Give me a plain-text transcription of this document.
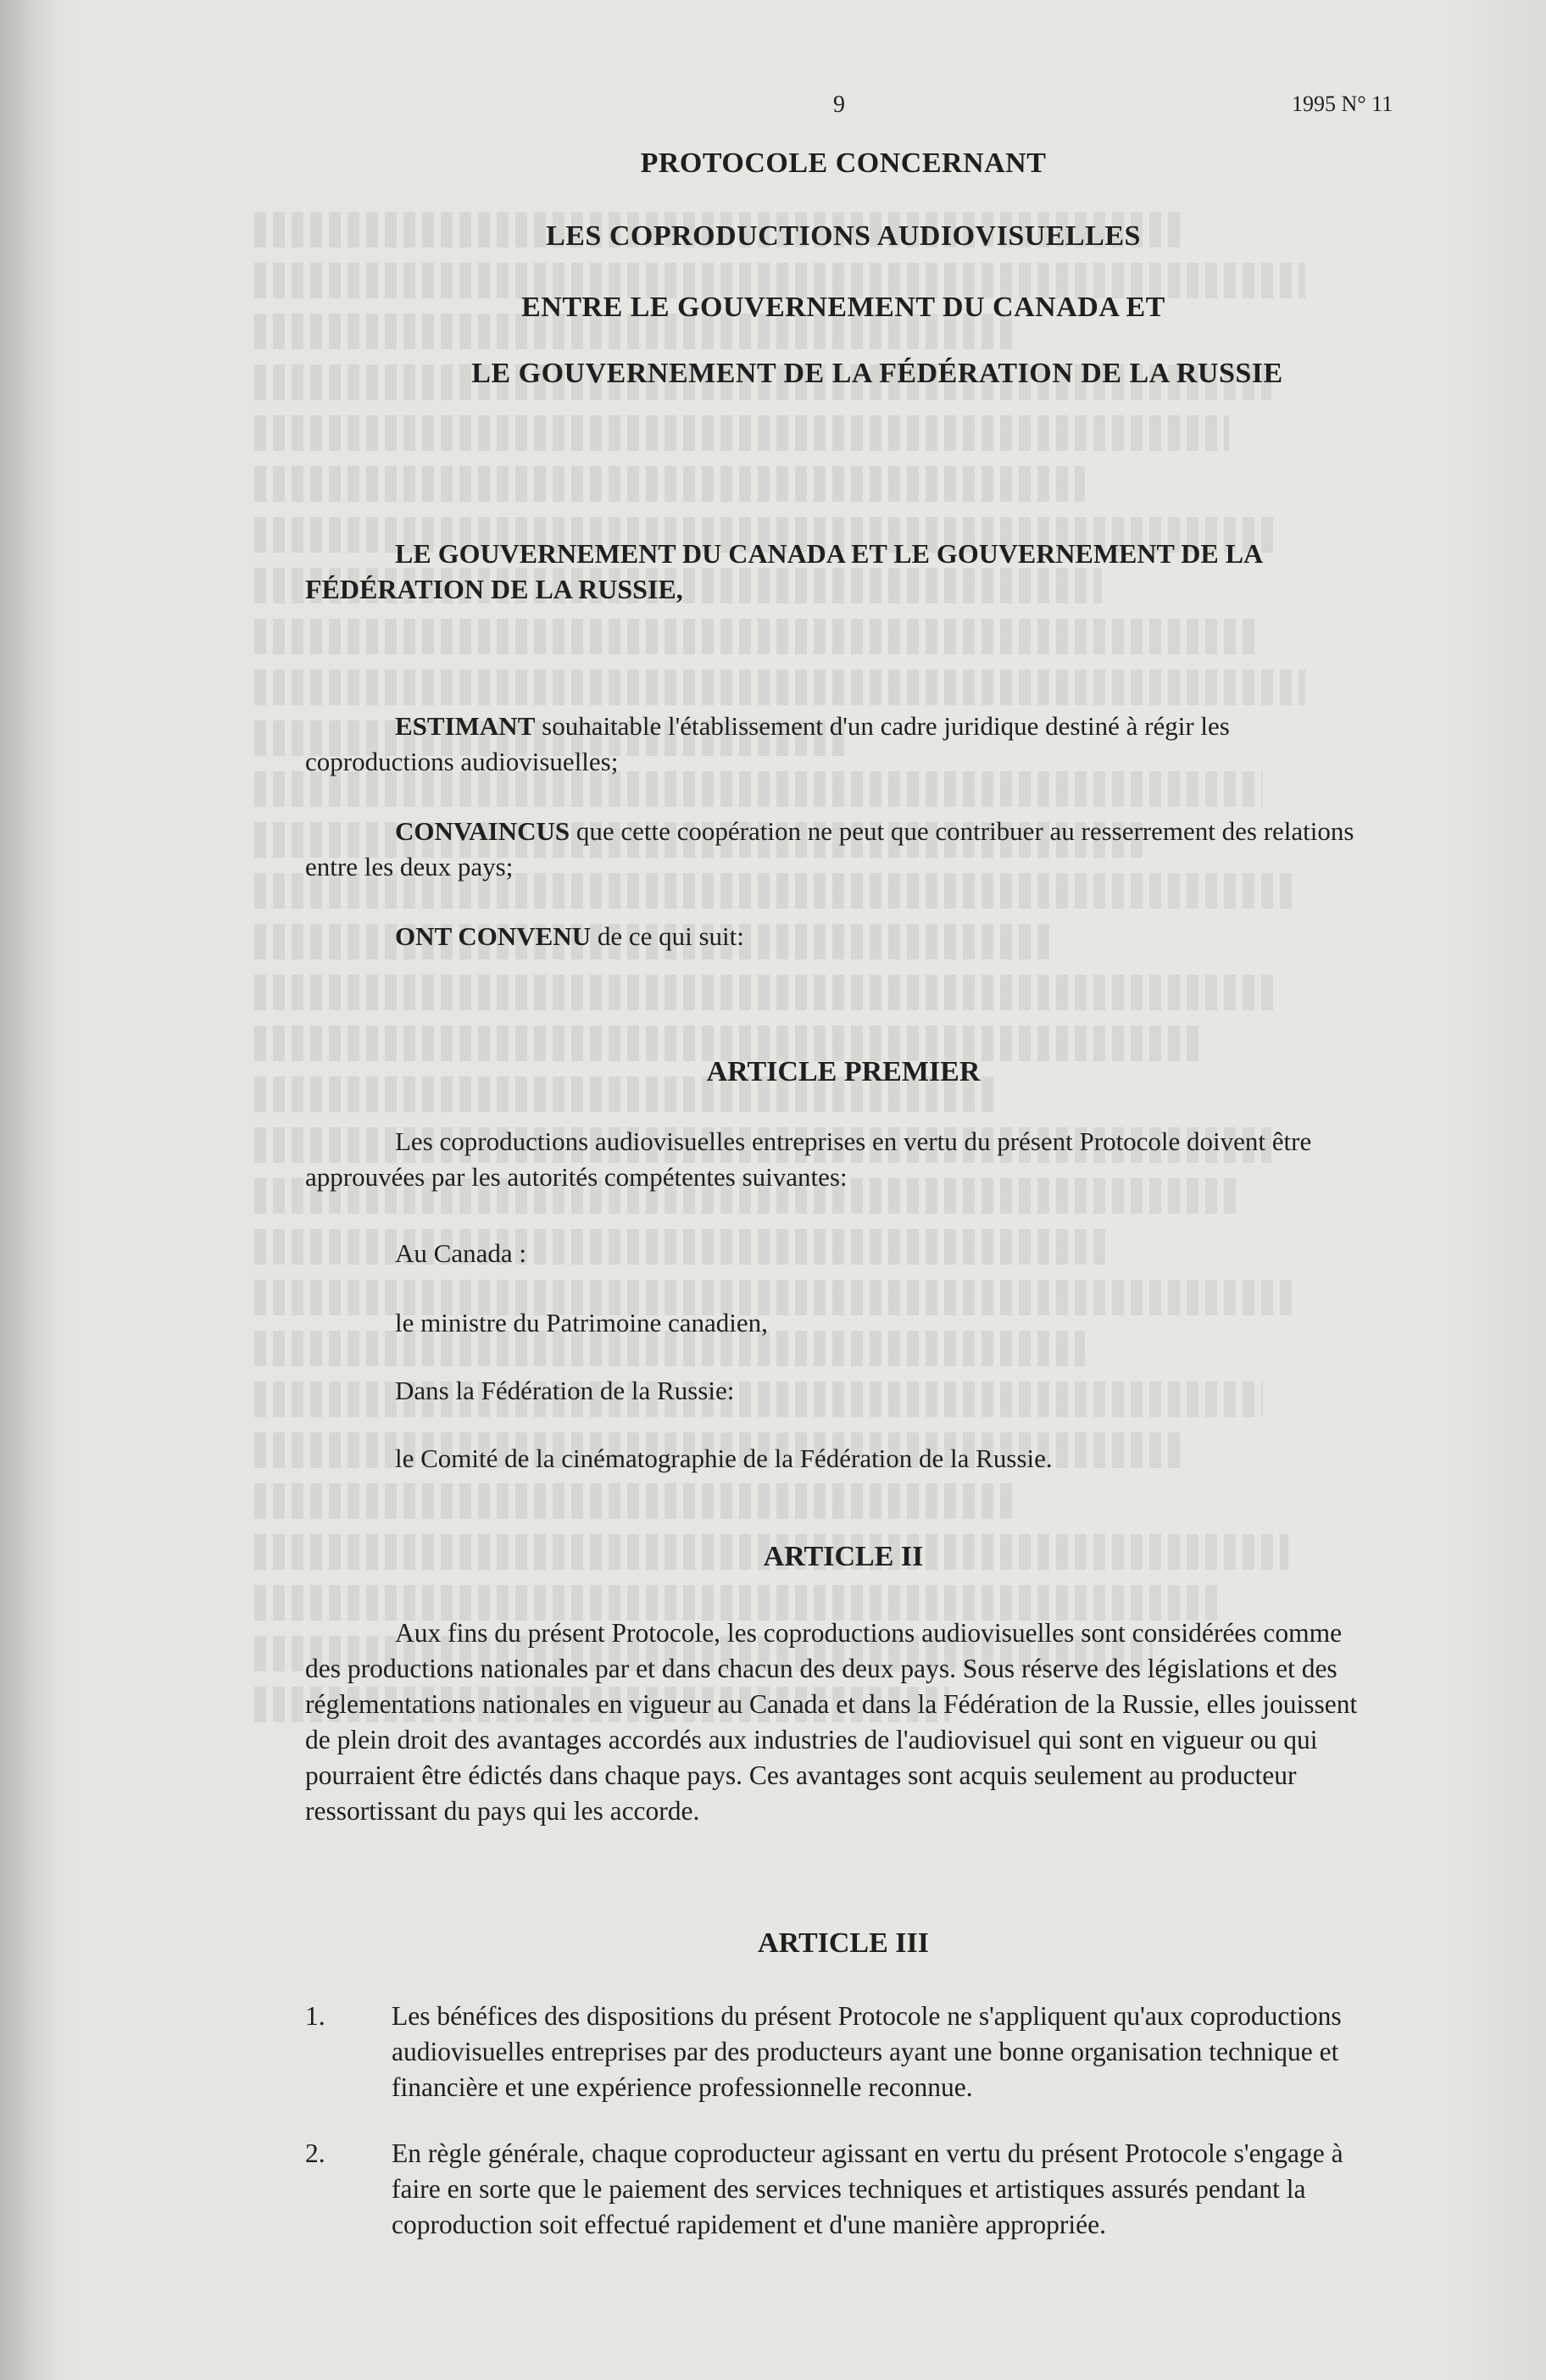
9	1995 N° 11
PROTOCOLE CONCERNANT
LES COPRODUCTIONS AUDIOVISUELLES
ENTRE LE GOUVERNEMENT DU CANADA ET
LE GOUVERNEMENT DE LA FÉDÉRATION DE LA RUSSIE
LE GOUVERNEMENT DU CANADA ET LE GOUVERNEMENT DE LA
FÉDÉRATION DE LA RUSSIE,
ESTIMANT souhaitable l'établissement d'un cadre juridique destiné à régir les coproductions audiovisuelles;
CONVAINCUS que cette coopération ne peut que contribuer au resserrement des relations entre les deux pays;
ONT CONVENU de ce qui suit:
ARTICLE PREMIER
Les coproductions audiovisuelles entreprises en vertu du présent Protocole doivent être approuvées par les autorités compétentes suivantes:
Au Canada :
le ministre du Patrimoine canadien,
Dans la Fédération de la Russie:
le Comité de la cinématographie de la Fédération de la Russie.
ARTICLE II
Aux fins du présent Protocole, les coproductions audiovisuelles sont considérées comme des productions nationales par et dans chacun des deux pays. Sous réserve des législations et des réglementations nationales en vigueur au Canada et dans la Fédération de la Russie, elles jouissent de plein droit des avantages accordés aux industries de l'audiovisuel qui sont en vigueur ou qui pourraient être édictés dans chaque pays. Ces avantages sont acquis seulement au producteur ressortissant du pays qui les accorde.
ARTICLE III
1. Les bénéfices des dispositions du présent Protocole ne s'appliquent qu'aux coproductions audiovisuelles entreprises par des producteurs ayant une bonne organisation technique et financière et une expérience professionnelle reconnue.
2. En règle générale, chaque coproducteur agissant en vertu du présent Protocole s'engage à faire en sorte que le paiement des services techniques et artistiques assurés pendant la coproduction soit effectué rapidement et d'une manière appropriée.
